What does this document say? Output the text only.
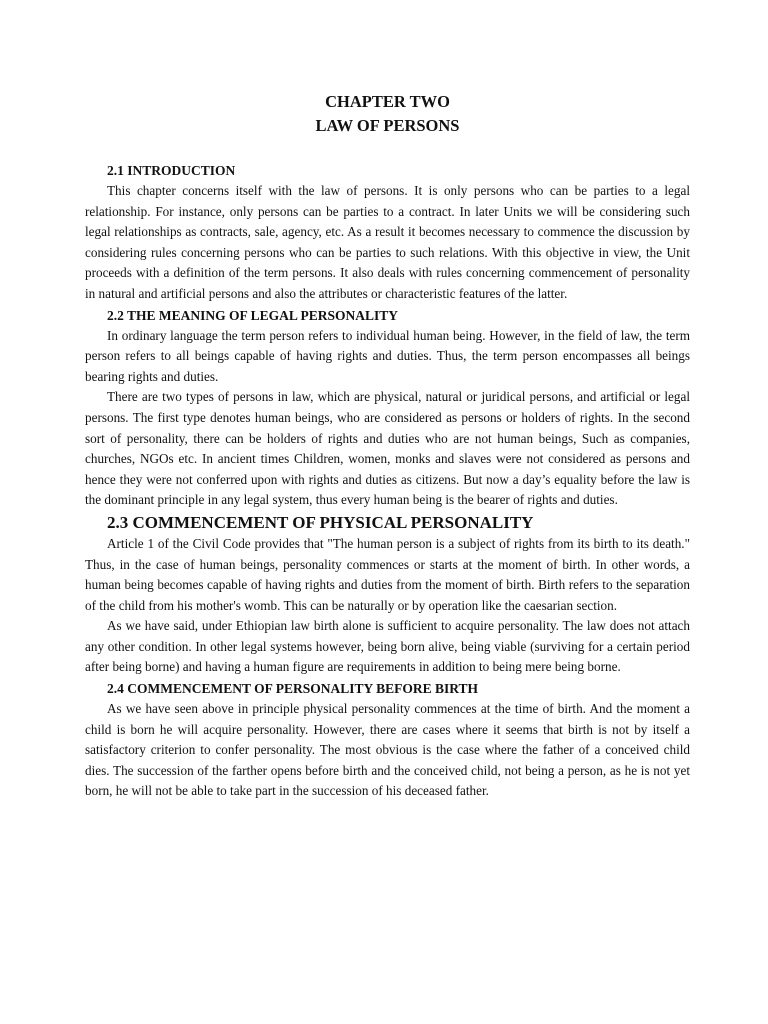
CHAPTER TWO
LAW OF PERSONS
2.1 INTRODUCTION

This chapter concerns itself with the law of persons. It is only persons who can be parties to a legal relationship. For instance, only persons can be parties to a contract. In later Units we will be considering such legal relationships as contracts, sale, agency, etc. As a result it becomes necessary to commence the discussion by considering rules concerning persons who can be parties to such relations. With this objective in view, the Unit proceeds with a definition of the term persons. It also deals with rules concerning commencement of personality in natural and artificial persons and also the attributes or characteristic features of the latter.

2.2 THE MEANING OF LEGAL PERSONALITY

In ordinary language the term person refers to individual human being. However, in the field of law, the term person refers to all beings capable of having rights and duties. Thus, the term person encompasses all beings bearing rights and duties.

There are two types of persons in law, which are physical, natural or juridical persons, and artificial or legal persons. The first type denotes human beings, who are considered as persons or holders of rights. In the second sort of personality, there can be holders of rights and duties who are not human beings, Such as companies, churches, NGOs etc. In ancient times Children, women, monks and slaves were not considered as persons and hence they were not conferred upon with rights and duties as citizens. But now a day’s equality before the law is the dominant principle in any legal system, thus every human being is the bearer of rights and duties.

2.3 COMMENCEMENT OF PHYSICAL PERSONALITY

Article 1 of the Civil Code provides that "The human person is a subject of rights from its birth to its death." Thus, in the case of human beings, personality commences or starts at the moment of birth. In other words, a human being becomes capable of having rights and duties from the moment of birth. Birth refers to the separation of the child from his mother's womb. This can be naturally or by operation like the caesarian section.

As we have said, under Ethiopian law birth alone is sufficient to acquire personality. The law does not attach any other condition. In other legal systems however, being born alive, being viable (surviving for a certain period after being borne) and having a human figure are requirements in addition to being mere being borne.

2.4 COMMENCEMENT OF PERSONALITY BEFORE BIRTH

As we have seen above in principle physical personality commences at the time of birth. And the moment a child is born he will acquire personality. However, there are cases where it seems that birth is not by itself a satisfactory criterion to confer personality. The most obvious is the case where the father of a conceived child dies. The succession of the farther opens before birth and the conceived child, not being a person, as he is not yet born, he will not be able to take part in the succession of his deceased father.
